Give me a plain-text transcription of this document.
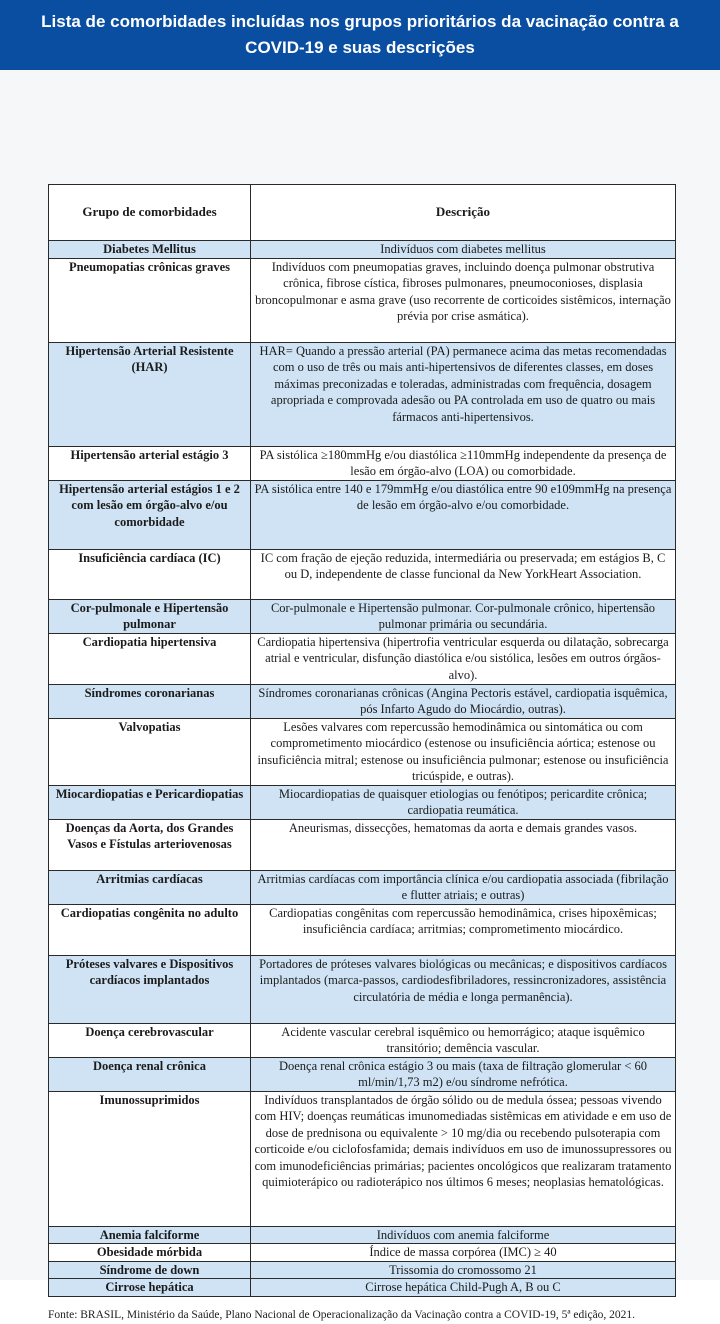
Lista de comorbidades incluídas nos grupos prioritários da vacinação contra a
COVID-19 e suas descrições
Grupo de comorbidades	Descrição
Diabetes Mellitus	Indivíduos com diabetes mellitus
Pneumopatias crônicas graves	Indivíduos com pneumopatias graves, incluindo doença pulmonar obstrutiva crônica, fibrose cística, fibroses pulmonares, pneumoconioses, displasia broncopulmonar e asma grave (uso recorrente de corticoides sistêmicos, internação prévia por crise asmática).
Hipertensão Arterial Resistente (HAR)	HAR= Quando a pressão arterial (PA) permanece acima das metas recomendadas com o uso de três ou mais anti-hipertensivos de diferentes classes, em doses máximas preconizadas e toleradas, administradas com frequência, dosagem apropriada e comprovada adesão ou PA controlada em uso de quatro ou mais fármacos anti-hipertensivos.
Hipertensão arterial estágio 3	PA sistólica ≥180mmHg e/ou diastólica ≥110mmHg independente da presença de lesão em órgão-alvo (LOA) ou comorbidade.
Hipertensão arterial estágios 1 e 2 com lesão em órgão-alvo e/ou comorbidade	PA sistólica entre 140 e 179mmHg e/ou diastólica entre 90 e109mmHg na presença de lesão em órgão-alvo e/ou comorbidade.
Insuficiência cardíaca (IC)	IC com fração de ejeção reduzida, intermediária ou preservada; em estágios B, C ou D, independente de classe funcional da New YorkHeart Association.
Cor-pulmonale e Hipertensão pulmonar	Cor-pulmonale e Hipertensão pulmonar. Cor-pulmonale crônico, hipertensão pulmonar primária ou secundária.
Cardiopatia hipertensiva	Cardiopatia hipertensiva (hipertrofia ventricular esquerda ou dilatação, sobrecarga atrial e ventricular, disfunção diastólica e/ou sistólica, lesões em outros órgãos-alvo).
Síndromes coronarianas	Síndromes coronarianas crônicas (Angina Pectoris estável, cardiopatia isquêmica, pós Infarto Agudo do Miocárdio, outras).
Valvopatias	Lesões valvares com repercussão hemodinâmica ou sintomática ou com comprometimento miocárdico (estenose ou insuficiência aórtica; estenose ou insuficiência mitral; estenose ou insuficiência pulmonar; estenose ou insuficiência tricúspide, e outras).
Miocardiopatias e Pericardiopatias	Miocardiopatias de quaisquer etiologias ou fenótipos; pericardite crônica; cardiopatia reumática.
Doenças da Aorta, dos Grandes Vasos e Fístulas arteriovenosas	Aneurismas, dissecções, hematomas da aorta e demais grandes vasos.
Arritmias cardíacas	Arritmias cardíacas com importância clínica e/ou cardiopatia associada (fibrilação e flutter atriais; e outras)
Cardiopatias congênita no adulto	Cardiopatias congênitas com repercussão hemodinâmica, crises hipoxêmicas; insuficiência cardíaca; arritmias; comprometimento miocárdico.
Próteses valvares e Dispositivos cardíacos implantados	Portadores de próteses valvares biológicas ou mecânicas; e dispositivos cardíacos implantados (marca-passos, cardiodesfibriladores, ressincronizadores, assistência circulatória de média e longa permanência).
Doença cerebrovascular	Acidente vascular cerebral isquêmico ou hemorrágico; ataque isquêmico transitório; demência vascular.
Doença renal crônica	Doença renal crônica estágio 3 ou mais (taxa de filtração glomerular < 60 ml/min/1,73 m2) e/ou síndrome nefrótica.
Imunossuprimidos	Indivíduos transplantados de órgão sólido ou de medula óssea; pessoas vivendo com HIV; doenças reumáticas imunomediadas sistêmicas em atividade e em uso de dose de prednisona ou equivalente > 10 mg/dia ou recebendo pulsoterapia com corticoide e/ou ciclofosfamida; demais indivíduos em uso de imunossupressores ou com imunodeficiências primárias; pacientes oncológicos que realizaram tratamento quimioterápico ou radioterápico nos últimos 6 meses; neoplasias hematológicas.
Anemia falciforme	Indivíduos com anemia falciforme
Obesidade mórbida	Índice de massa corpórea (IMC) ≥ 40
Síndrome de down	Trissomia do cromossomo 21
Cirrose hepática	Cirrose hepática Child-Pugh A, B ou C
Fonte: BRASIL, Ministério da Saúde, Plano Nacional de Operacionalização da Vacinação contra a COVID-19, 5ª edição, 2021.
